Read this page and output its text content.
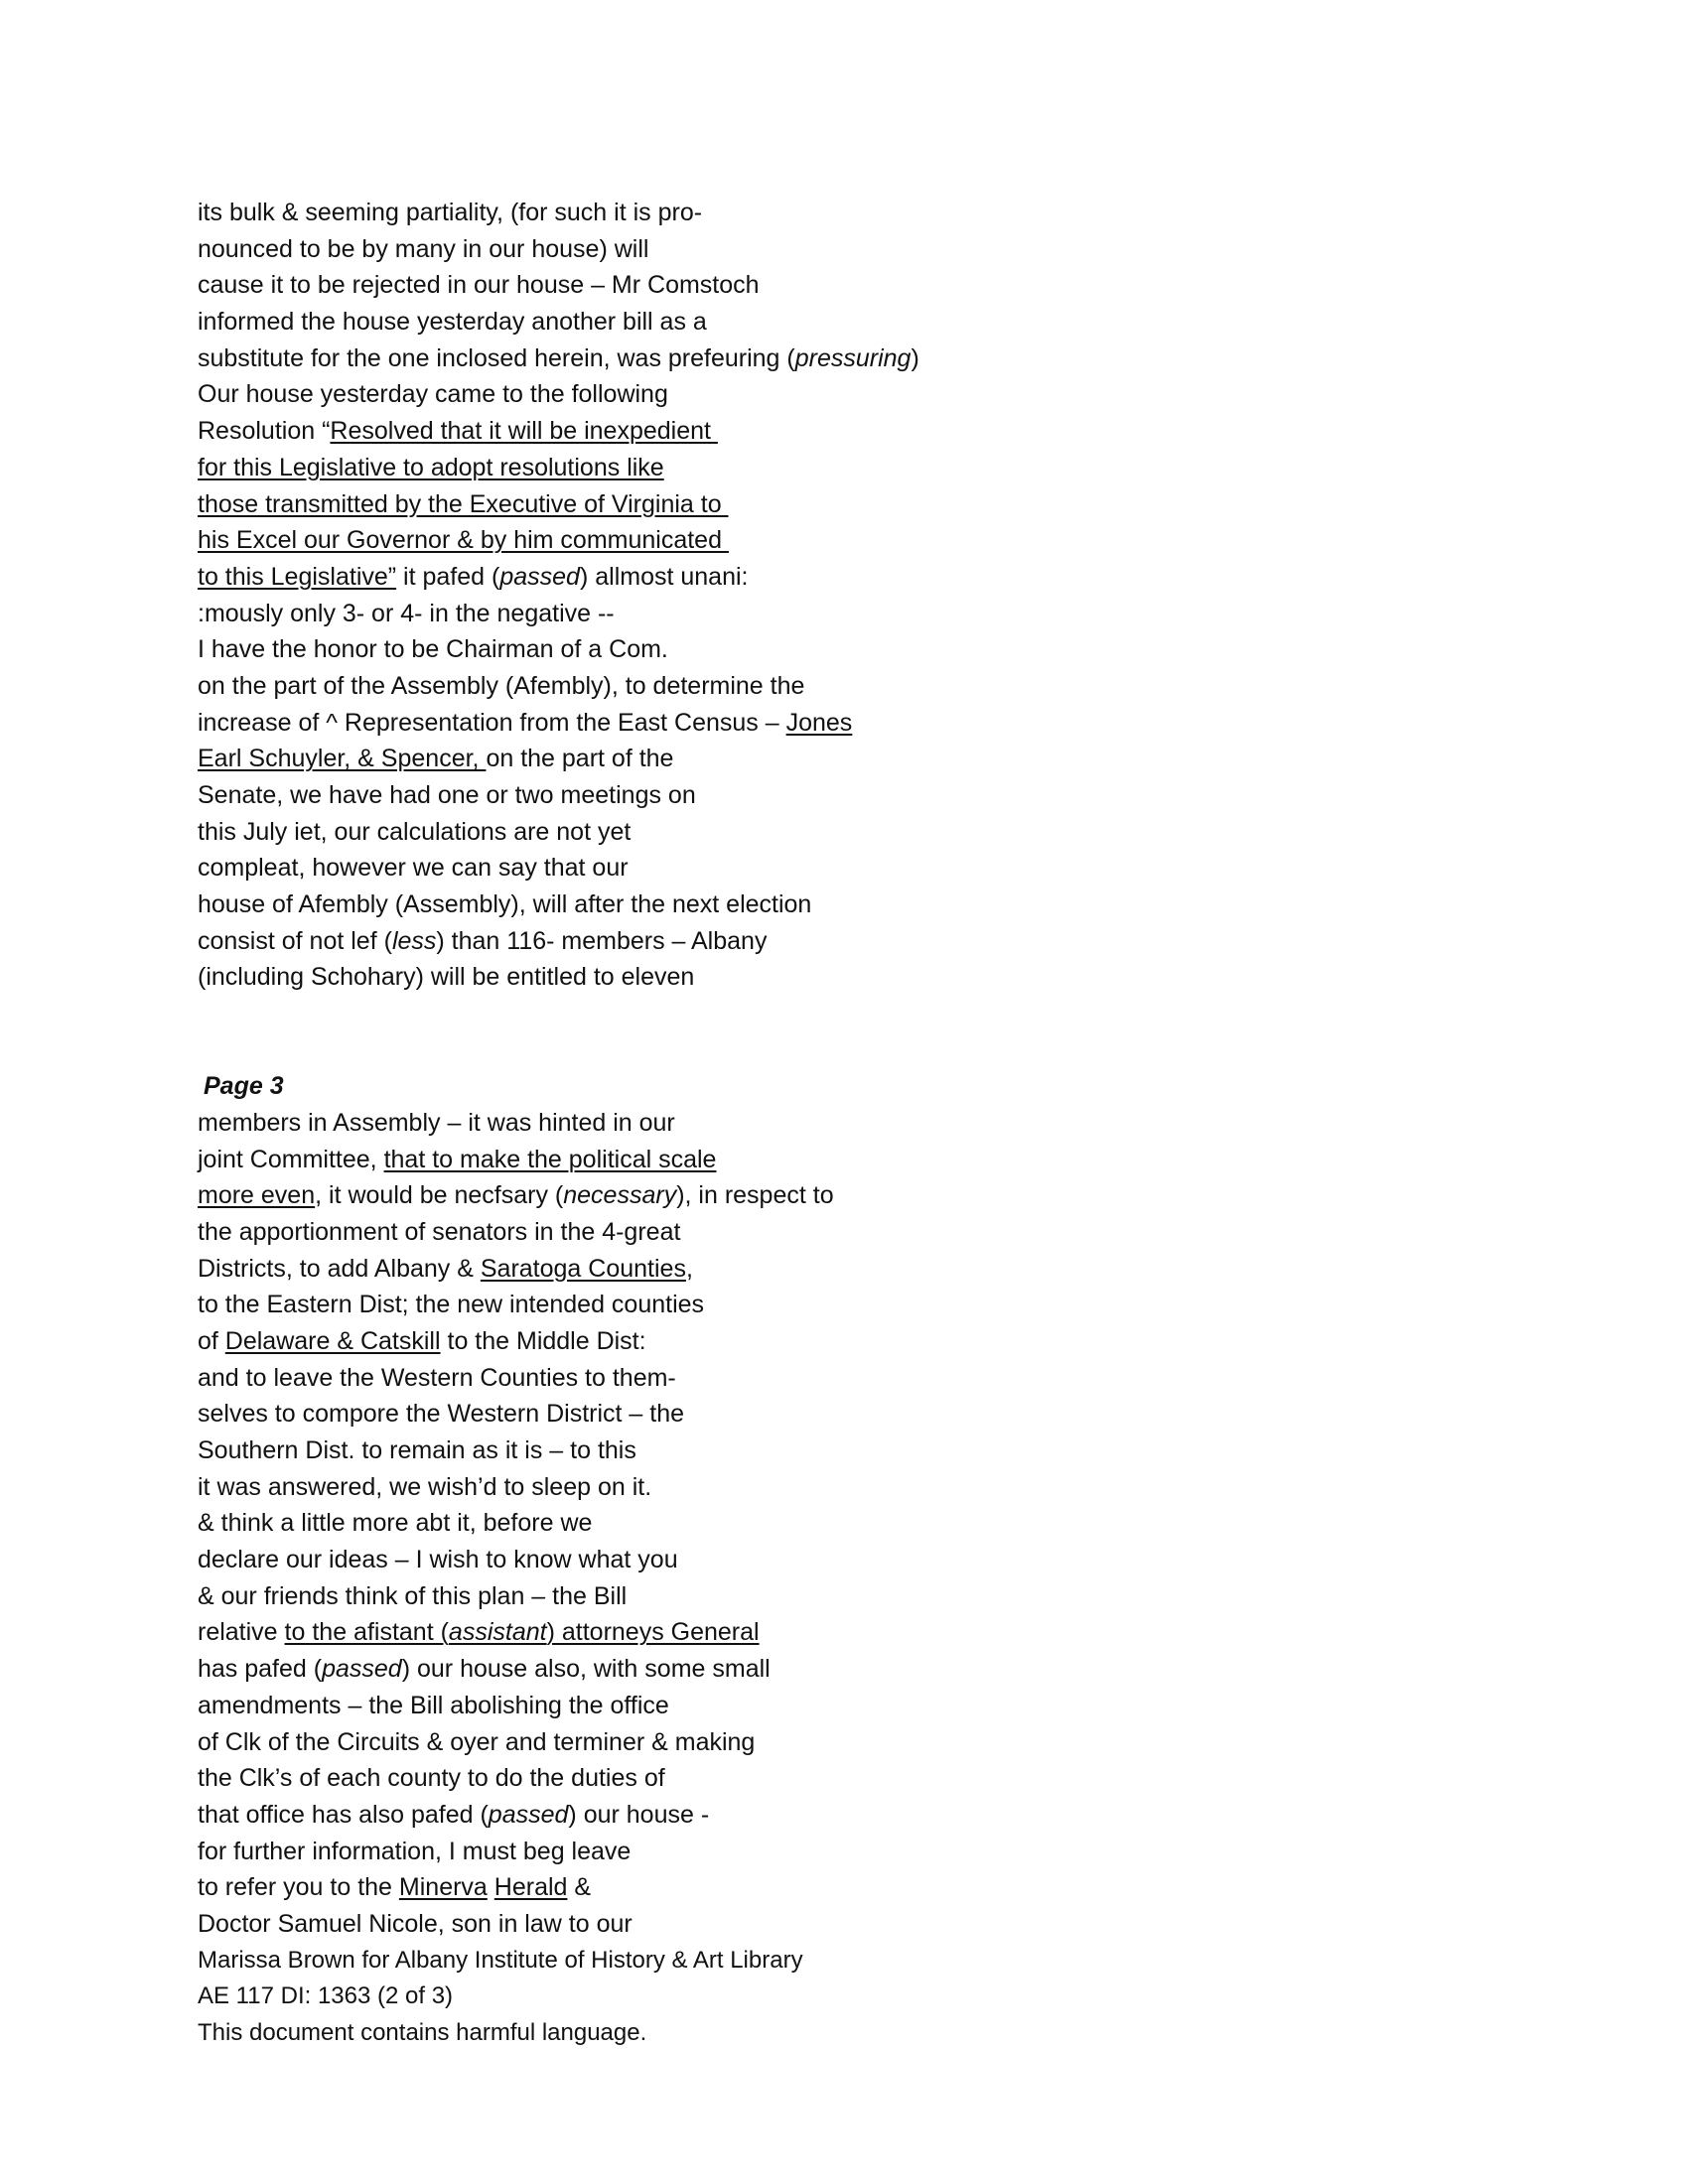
its bulk & seeming partiality, (for such it is pro-
nounced to be by many in our house) will
cause it to be rejected in our house – Mr Comstoch
informed the house yesterday another bill as a
substitute for the one inclosed herein, was prefeuring (pressuring)
Our house yesterday came to the following
Resolution “Resolved that it will be inexpedient
for this Legislative to adopt resolutions like
those transmitted by the Executive of Virginia to
his Excel our Governor & by him communicated
to this Legislative” it pafed (passed) allmost unani:
:mously only 3- or 4- in the negative --
I have the honor to be Chairman of a Com.
on the part of the Assembly (Afembly), to determine the
increase of ^ Representation from the East Census – Jones
Earl Schuyler, & Spencer, on the part of the
Senate, we have had one or two meetings on
this July iet, our calculations are not yet
compleat, however we can say that our
house of Afembly (Assembly), will after the next election
consist of not lef (less) than 116- members – Albany
(including Schohary) will be entitled to eleven
Page 3
members in Assembly – it was hinted in our
joint Committee, that to make the political scale
more even, it would be necfsary (necessary), in respect to
the apportionment of senators in the 4-great
Districts, to add Albany & Saratoga Counties,
to the Eastern Dist; the new intended counties
of Delaware & Catskill to the Middle Dist:
and to leave the Western Counties to them-
selves to compore the Western District – the
Southern Dist. to remain as it is – to this
it was answered, we wish’d to sleep on it.
& think a little more abt it, before we
declare our ideas – I wish to know what you
& our friends think of this plan – the Bill
relative to the afistant (assistant) attorneys General
has pafed (passed) our house also, with some small
amendments – the Bill abolishing the office
of Clk of the Circuits & oyer and terminer & making
the Clk’s of each county to do the duties of
that office has also pafed (passed) our house -
for further information, I must beg leave
to refer you to the Minerva Herald &
Doctor Samuel Nicole, son in law to our
Marissa Brown for Albany Institute of History & Art Library
AE 117 DI: 1363 (2 of 3)
This document contains harmful language.
